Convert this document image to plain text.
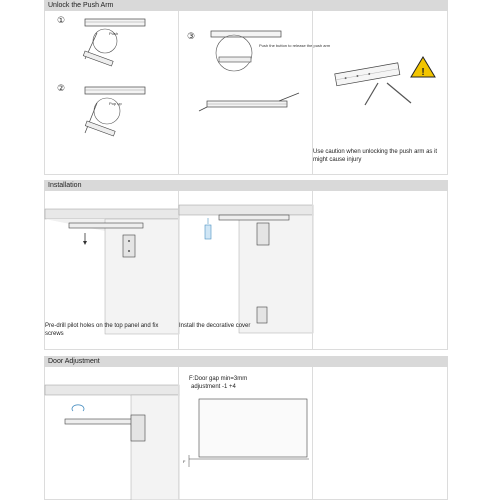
Unlock the Push Arm
①
②
Push
Pop up
③
Push the button to release the push arm
!
Use caution when unlocking the push arm as it might cause injury
Installation
Pre-drill pilot holes on the top panel and fix screws
Install the decorative cover
Door Adjustment
F:Door gap min=3mm
adjustment -1 +4
F
